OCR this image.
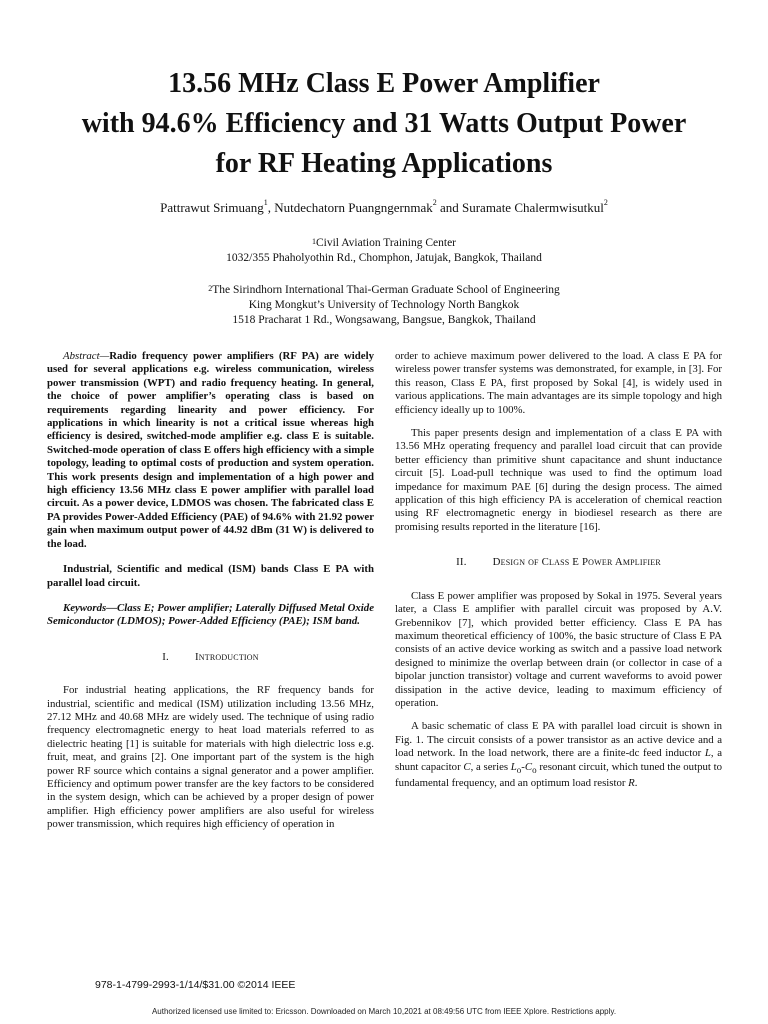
13.56 MHz Class E Power Amplifier
with 94.6% Efficiency and 31 Watts Output Power
for RF Heating Applications
Pattrawut Srimuang$^1$, Nutdechatorn Puangngernmak$^2$ and Suramate Chalermwisutkul$^2$
$^1$Civil Aviation Training Center
1032/355 Phaholyothin Rd., Chomphon, Jatujak, Bangkok, Thailand
$^2$The Sirindhorn International Thai-German Graduate School of Engineering
King Mongkut’s University of Technology North Bangkok
1518 Pracharat 1 Rd., Wongsawang, Bangsue, Bangkok, Thailand

Abstract—Radio frequency power amplifiers (RF PA) are widely used for several applications e.g. wireless communication, wireless power transmission (WPT) and radio frequency heating. In general, the choice of power amplifier’s operating class is based on requirements regarding linearity and power efficiency. For applications in which linearity is not a critical issue whereas high efficiency is desired, switched-mode amplifier e.g. class E is suitable. Switched-mode operation of class E offers high efficiency with a simple topology, leading to optimal costs of production and system operation. This work presents design and implementation of a high power and high efficiency 13.56 MHz class E power amplifier with parallel load circuit. As a power device, LDMOS was chosen. The fabricated class E PA provides Power-Added Efficiency (PAE) of 94.6% with 21.92 power gain when maximum output power of 44.92 dBm (31 W) is delivered to the load.

Industrial, Scientific and medical (ISM) bands Class E PA with parallel load circuit.

Keywords—Class E; Power amplifier; Laterally Diffused Metal Oxide Semiconductor (LDMOS); Power-Added Efficiency (PAE); ISM band.

I. Introduction

For industrial heating applications, the RF frequency bands for industrial, scientific and medical (ISM) utilization including 13.56 MHz, 27.12 MHz and 40.68 MHz are widely used. The technique of using radio frequency electromagnetic energy to heat load materials referred to as dielectric heating [1] is suitable for materials with high dielectric loss e.g. fruit, meat, and grains [2]. One important part of the system is the high power RF source which contains a signal generator and a power amplifier. Efficiency and optimum power transfer are the key factors to be considered in the system design, which can be achieved by a proper design of power amplifier. High efficiency power amplifiers are also useful for wireless power transmission, which requires high efficiency of operation in

order to achieve maximum power delivered to the load. A class E PA for wireless power transfer systems was demonstrated, for example, in [3]. For this reason, Class E PA, first proposed by Sokal [4], is widely used in various applications. The main advantages are its simple topology and high efficiency ideally up to 100%.

This paper presents design and implementation of a class E PA with 13.56 MHz operating frequency and parallel load circuit that can provide better efficiency than primitive shunt capacitance and shunt inductance circuit [5]. Load-pull technique was used to find the optimum load impedance for maximum PAE [6] during the design process. The aimed application of this high efficiency PA is acceleration of chemical reaction using RF electromagnetic energy in biodiesel research as there are promising results reported in the literature [16].

II. Design of Class E Power Amplifier

Class E power amplifier was proposed by Sokal in 1975. Several years later, a Class E amplifier with parallel circuit was proposed by A.V. Grebennikov [7], which provided better efficiency. Class E PA has maximum theoretical efficiency of 100%, the basic structure of Class E PA consists of an active device working as switch and a passive load network designed to minimize the overlap between drain (or collector in case of a bipolar junction transistor) voltage and current waveforms to avoid power dissipation in the active device, leading to maximum efficiency of operation.

A basic schematic of class E PA with parallel load circuit is shown in Fig. 1. The circuit consists of a power transistor as an active device and a load network. In the load network, there are a finite-dc feed inductor L, a shunt capacitor C, a series $L_o-C_o$ resonant circuit, which tuned the output to fundamental frequency, and an optimum load resistor R.

978-1-4799-2993-1/14/$31.00 ©2014 IEEE
Authorized licensed use limited to: Ericsson. Downloaded on March 10,2021 at 08:49:56 UTC from IEEE Xplore. Restrictions apply.
